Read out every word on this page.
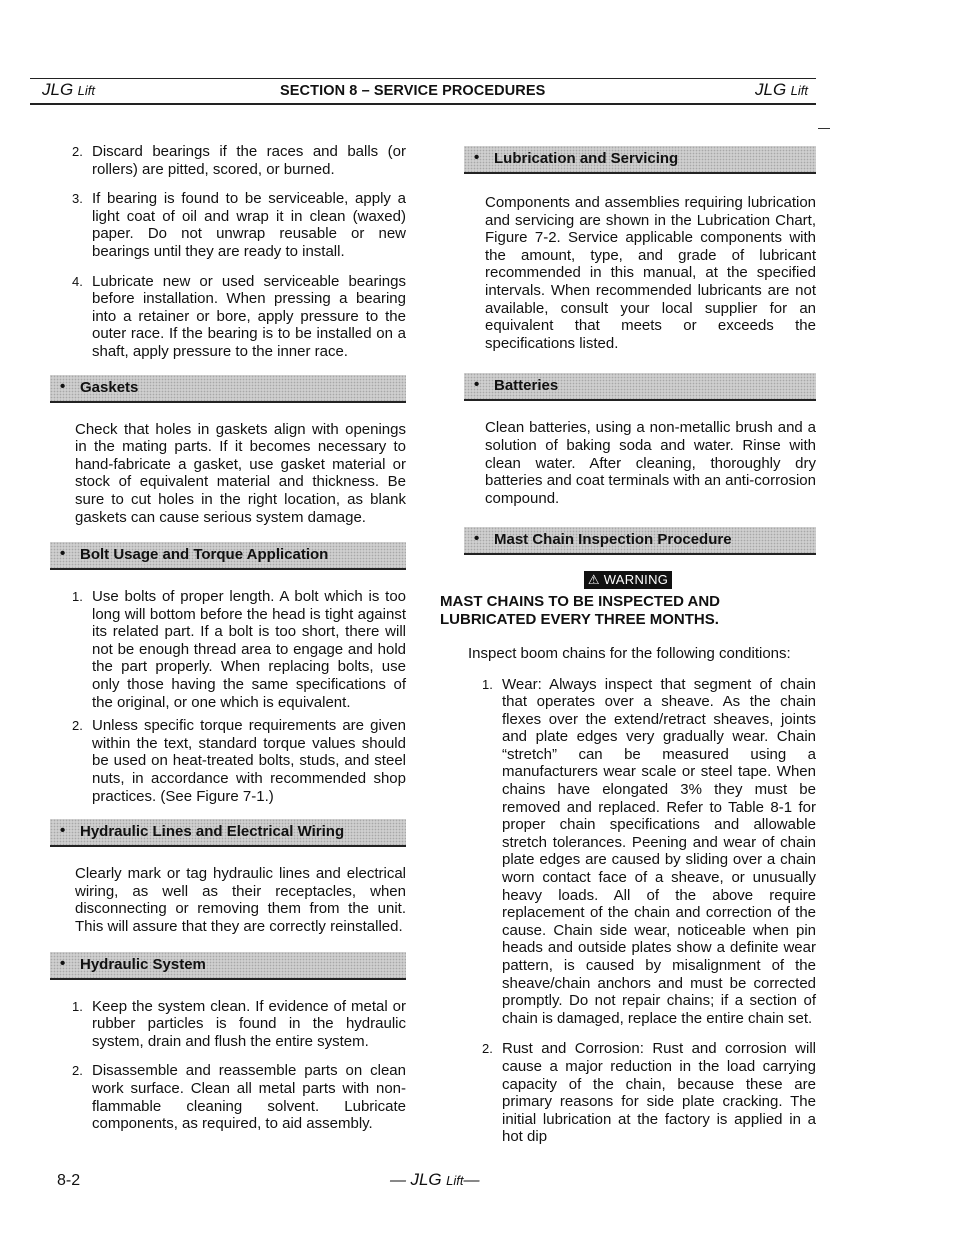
JLG Lift	SECTION 8 – SERVICE PROCEDURES	JLG Lift
2. Discard bearings if the races and balls (or rollers) are pitted, scored, or burned.
3. If bearing is found to be serviceable, apply a light coat of oil and wrap it in clean (waxed) paper. Do not unwrap reusable or new bearings until they are ready to install.
4. Lubricate new or used serviceable bearings before installation. When pressing a bearing into a retainer or bore, apply pressure to the outer race. If the bearing is to be installed on a shaft, apply pressure to the inner race.
• Gaskets
Check that holes in gaskets align with openings in the mating parts. If it becomes necessary to hand-fabricate a gasket, use gasket material or stock of equivalent material and thickness. Be sure to cut holes in the right location, as blank gaskets can cause serious system damage.
• Bolt Usage and Torque Application
1. Use bolts of proper length. A bolt which is too long will bottom before the head is tight against its related part. If a bolt is too short, there will not be enough thread area to engage and hold the part properly. When replacing bolts, use only those having the same specifications of the original, or one which is equivalent.
2. Unless specific torque requirements are given within the text, standard torque values should be used on heat-treated bolts, studs, and steel nuts, in accordance with recommended shop practices. (See Figure 7-1.)
• Hydraulic Lines and Electrical Wiring
Clearly mark or tag hydraulic lines and electrical wiring, as well as their receptacles, when disconnecting or removing them from the unit. This will assure that they are correctly reinstalled.
• Hydraulic System
1. Keep the system clean. If evidence of metal or rubber particles is found in the hydraulic system, drain and flush the entire system.
2. Disassemble and reassemble parts on clean work surface. Clean all metal parts with non-flammable cleaning solvent. Lubricate components, as required, to aid assembly.
• Lubrication and Servicing
Components and assemblies requiring lubrication and servicing are shown in the Lubrication Chart, Figure 7-2. Service applicable components with the amount, type, and grade of lubricant recommended in this manual, at the specified intervals. When recommended lubricants are not available, consult your local supplier for an equivalent that meets or exceeds the specifications listed.
• Batteries
Clean batteries, using a non-metallic brush and a solution of baking soda and water. Rinse with clean water. After cleaning, thoroughly dry batteries and coat terminals with an anti-corrosion compound.
• Mast Chain Inspection Procedure
⚠ WARNING
MAST CHAINS TO BE INSPECTED AND LUBRICATED EVERY THREE MONTHS.
Inspect boom chains for the following conditions:
1. Wear: Always inspect that segment of chain that operates over a sheave. As the chain flexes over the extend/retract sheaves, joints and plate edges very gradually wear. Chain “stretch” can be measured using a manufacturers wear scale or steel tape. When chains have elongated 3% they must be removed and replaced. Refer to Table 8-1 for proper chain specifications and allowable stretch tolerances. Peening and wear of chain plate edges are caused by sliding over a chain worn contact face of a sheave, or unusually heavy loads. All of the above require replacement of the chain and correction of the cause. Chain side wear, noticeable when pin heads and outside plates show a definite wear pattern, is caused by misalignment of the sheave/chain anchors and must be corrected promptly. Do not repair chains; if a section of chain is damaged, replace the entire chain set.
2. Rust and Corrosion: Rust and corrosion will cause a major reduction in the load carrying capacity of the chain, because these are primary reasons for side plate cracking. The initial lubrication at the factory is applied in a hot dip
8-2	— JLG Lift—
